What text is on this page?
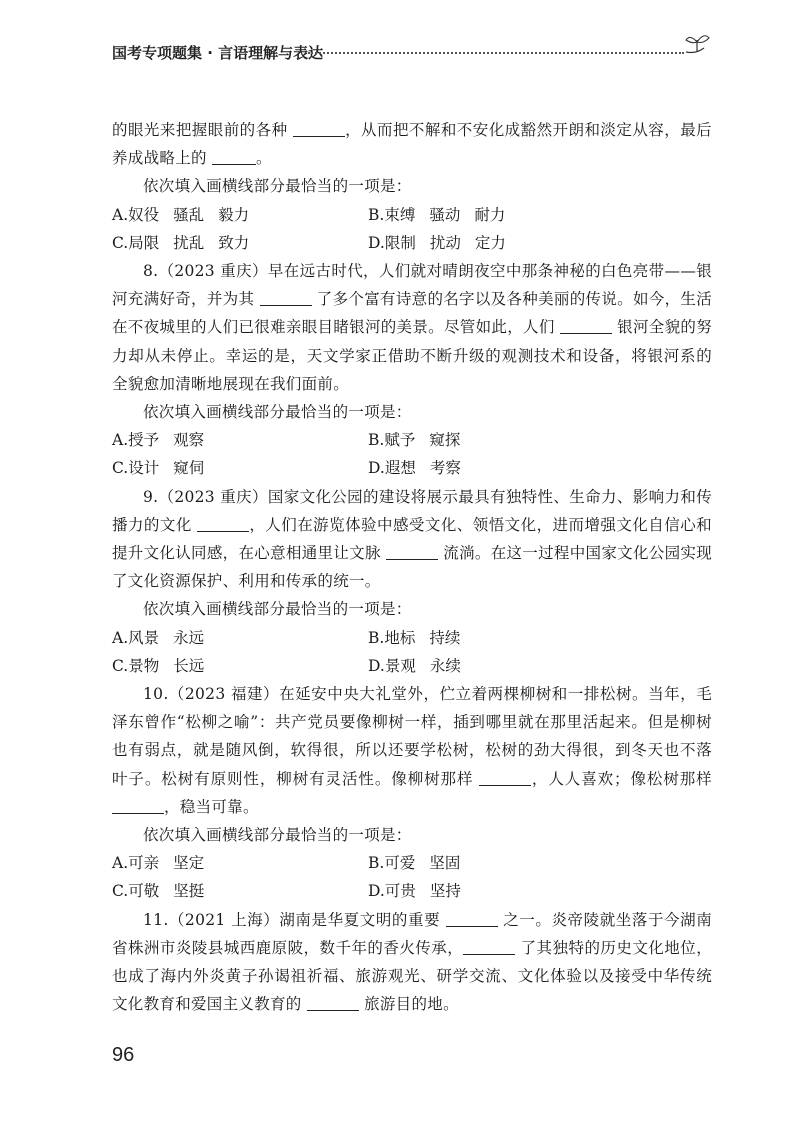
国考专项题集 · 言语理解与表达

的眼光来把握眼前的各种	，从而把不解和不安化成豁然开朗和淡定从容，最后养成战略上的	。

依次填入画横线部分最恰当的一项是：

A.奴役 骚乱 毅力	B.束缚 骚动 耐力
C.局限 扰乱 致力	D.限制 扰动 定力

8.（2023 重庆）早在远古时代，人们就对晴朗夜空中那条神秘的白色亮带——银河充满好奇，并为其	了多个富有诗意的名字以及各种美丽的传说。如今，生活在不夜城里的人们已很难亲眼目睹银河的美景。尽管如此，人们	银河全貌的努力却从未停止。幸运的是，天文学家正借助不断升级的观测技术和设备，将银河系的全貌愈加清晰地展现在我们面前。

依次填入画横线部分最恰当的一项是：

A.授予 观察	B.赋予 窥探
C.设计 窥伺	D.遐想 考察

9.（2023 重庆）国家文化公园的建设将展示最具有独特性、生命力、影响力和传播力的文化	，人们在游览体验中感受文化、领悟文化，进而增强文化自信心和提升文化认同感，在心意相通里让文脉	流淌。在这一过程中国家文化公园实现了文化资源保护、利用和传承的统一。

依次填入画横线部分最恰当的一项是：

A.风景 永远	B.地标 持续
C.景物 长远	D.景观 永续

10.（2023 福建）在延安中央大礼堂外，伫立着两棵柳树和一排松树。当年，毛泽东曾作“松柳之喻”：共产党员要像柳树一样，插到哪里就在那里活起来。但是柳树也有弱点，就是随风倒，软得很，所以还要学松树，松树的劲大得很，到冬天也不落叶子。松树有原则性，柳树有灵活性。像柳树那样	，人人喜欢；像松树那样 ，稳当可靠。

依次填入画横线部分最恰当的一项是：

A.可亲 坚定	B.可爱 坚固
C.可敬 坚挺	D.可贵 坚持

11.（2021 上海）湖南是华夏文明的重要	之一。炎帝陵就坐落于今湖南省株洲市炎陵县城西鹿原陂，数千年的香火传承，	了其独特的历史文化地位，也成了海内外炎黄子孙谒祖祈福、旅游观光、研学交流、文化体验以及接受中华传统文化教育和爱国主义教育的	旅游目的地。

96
